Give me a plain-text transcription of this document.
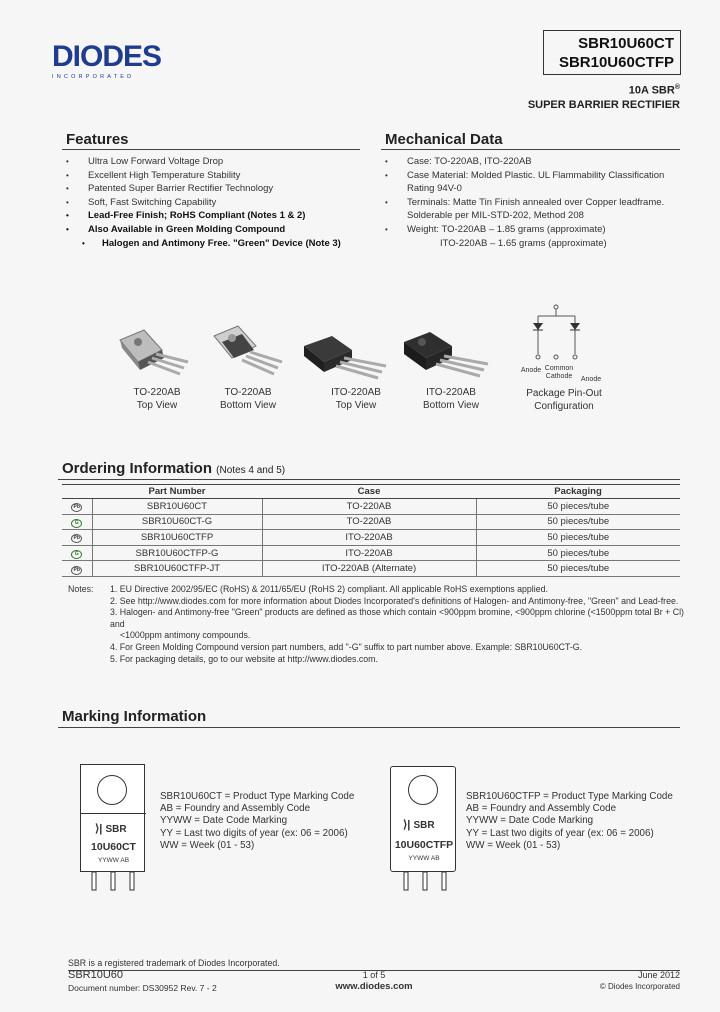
DIODES
INCORPORATED
SBR10U60CT
SBR10U60CTFP
10A SBR®
SUPER BARRIER RECTIFIER
Features
• Ultra Low Forward Voltage Drop
• Excellent High Temperature Stability
• Patented Super Barrier Rectifier Technology
• Soft, Fast Switching Capability
• Lead-Free Finish; RoHS Compliant (Notes 1 & 2)
• Also Available in Green Molding Compound
• Halogen and Antimony Free. "Green" Device (Note 3)
Mechanical Data
• Case: TO-220AB, ITO-220AB
• Case Material: Molded Plastic. UL Flammability Classification
Rating 94V-0
• Terminals: Matte Tin Finish annealed over Copper leadframe.
Solderable per MIL-STD-202, Method 208
• Weight: TO-220AB – 1.85 grams (approximate)
ITO-220AB – 1.65 grams (approximate)
Anode Common
Cathode	Anode
TO-220AB
Top View
TO-220AB
Bottom View
ITO-220AB
Top View
ITO-220AB
Bottom View
Package Pin-Out
Configuration
Ordering Information (Notes 4 and 5)
	Part Number	Case	Packaging
Pb	SBR10U60CT	TO-220AB	50 pieces/tube
G	SBR10U60CT-G	TO-220AB	50 pieces/tube
Pb	SBR10U60CTFP	ITO-220AB	50 pieces/tube
G	SBR10U60CTFP-G	ITO-220AB	50 pieces/tube
Pb	SBR10U60CTFP-JT	ITO-220AB (Alternate)	50 pieces/tube
Notes: 1. EU Directive 2002/95/EC (RoHS) & 2011/65/EU (RoHS 2) compliant. All applicable RoHS exemptions applied.
2. See http://www.diodes.com for more information about Diodes Incorporated's definitions of Halogen- and Antimony-free, "Green" and Lead-free.
3. Halogen- and Antimony-free "Green" products are defined as those which contain <900ppm bromine, <900ppm chlorine (<1500ppm total Br + Cl) and
<1000ppm antimony compounds.
4. For Green Molding Compound version part numbers, add "-G" suffix to part number above. Example: SBR10U60CT-G.
5. For packaging details, go to our website at http://www.diodes.com.
Marking Information
⟩| SBR
10U60CT
YYWW AB
SBR10U60CT = Product Type Marking Code
AB = Foundry and Assembly Code
YYWW = Date Code Marking
YY = Last two digits of year (ex: 06 = 2006)
WW = Week (01 - 53)
⟩| SBR
10U60CTFP
YYWW AB
SBR10U60CTFP = Product Type Marking Code
AB = Foundry and Assembly Code
YYWW = Date Code Marking
YY = Last two digits of year (ex: 06 = 2006)
WW = Week (01 - 53)
SBR is a registered trademark of Diodes Incorporated.
SBR10U60
Document number: DS30952 Rev. 7 - 2
1 of 5
www.diodes.com
June 2012
© Diodes Incorporated
